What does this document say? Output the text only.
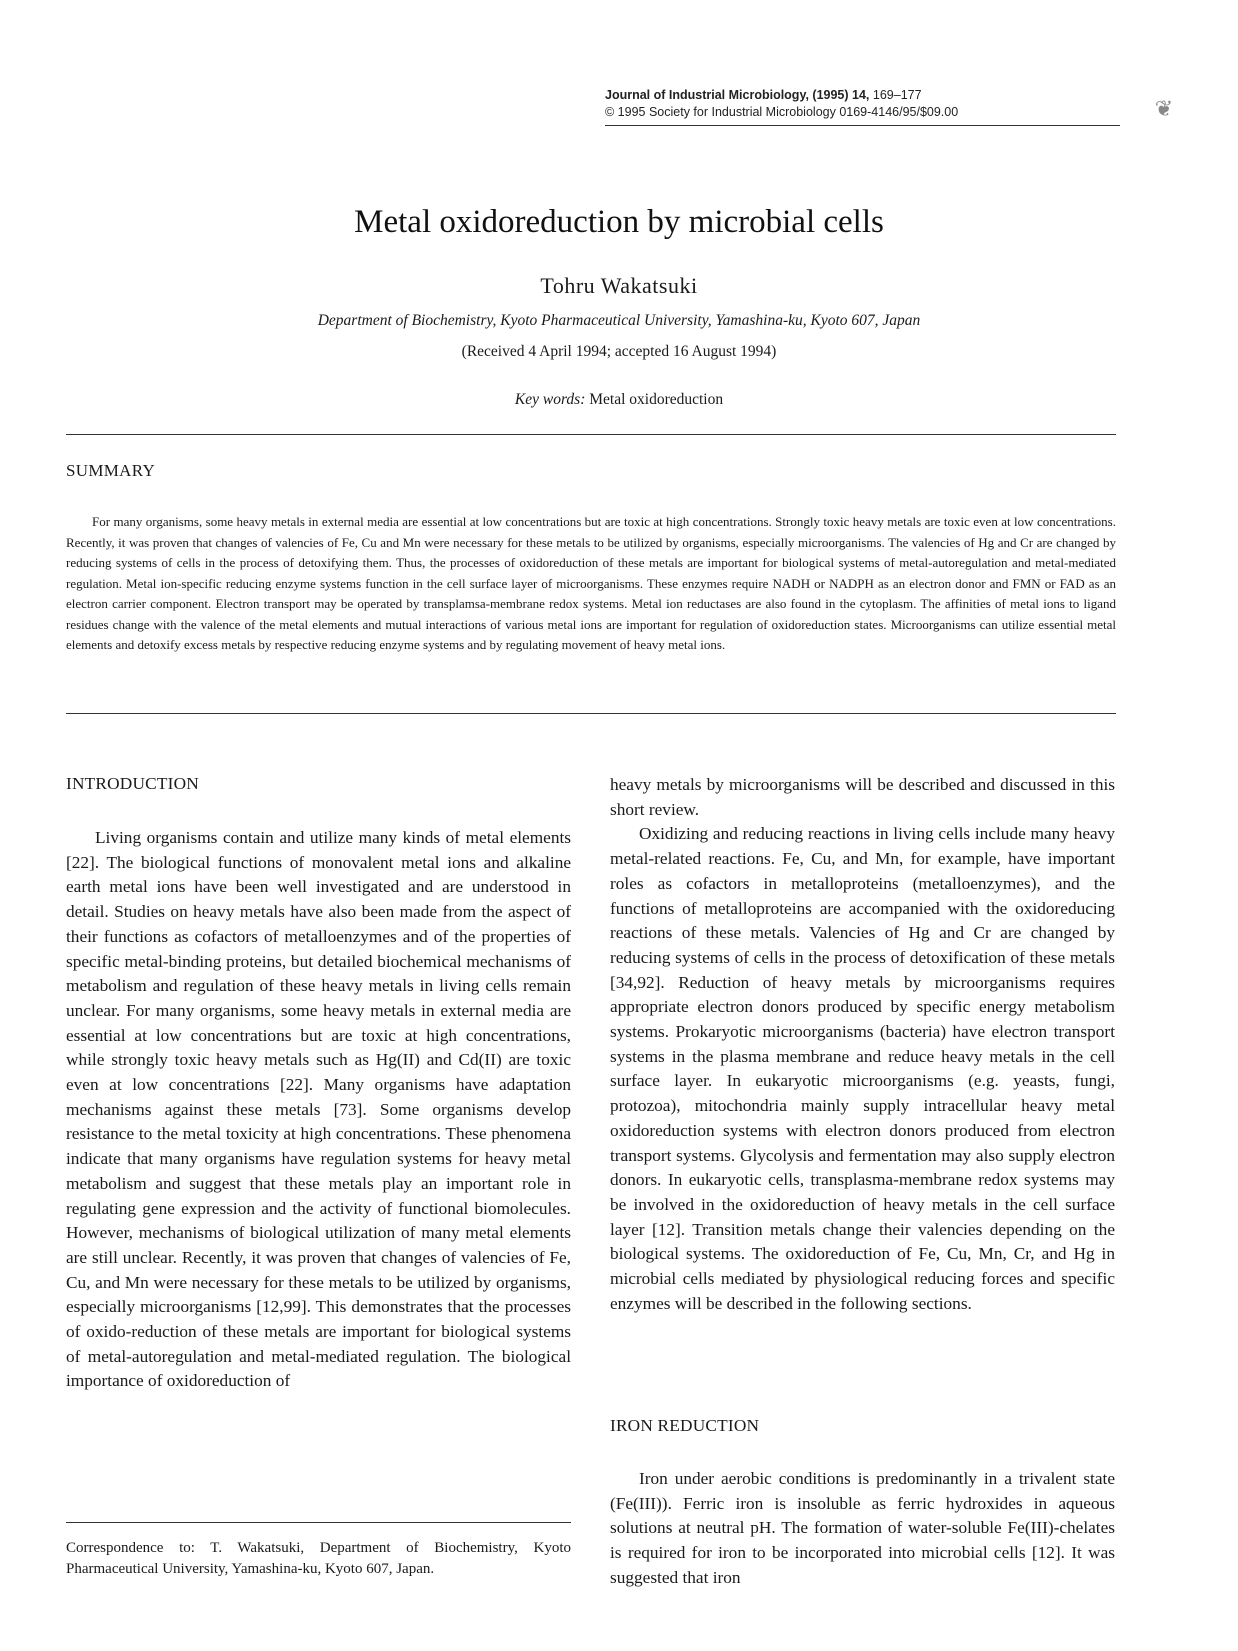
Journal of Industrial Microbiology, (1995) 14, 169–177
© 1995 Society for Industrial Microbiology 0169-4146/95/$09.00	❦
Metal oxidoreduction by microbial cells
Tohru Wakatsuki
Department of Biochemistry, Kyoto Pharmaceutical University, Yamashina-ku, Kyoto 607, Japan
(Received 4 April 1994; accepted 16 August 1994)
Key words: Metal oxidoreduction
SUMMARY
For many organisms, some heavy metals in external media are essential at low concentrations but are toxic at high concentrations. Strongly toxic heavy metals are toxic even at low concentrations. Recently, it was proven that changes of valencies of Fe, Cu and Mn were necessary for these metals to be utilized by organisms, especially microorganisms. The valencies of Hg and Cr are changed by reducing systems of cells in the process of detoxifying them. Thus, the processes of oxidoreduction of these metals are important for biological systems of metal-autoregulation and metal-mediated regulation. Metal ion-specific reducing enzyme systems function in the cell surface layer of microorganisms. These enzymes require NADH or NADPH as an electron donor and FMN or FAD as an electron carrier component. Electron transport may be operated by transplamsa-membrane redox systems. Metal ion reductases are also found in the cytoplasm. The affinities of metal ions to ligand residues change with the valence of the metal elements and mutual interactions of various metal ions are important for regulation of oxidoreduction states. Microorganisms can utilize essential metal elements and detoxify excess metals by respective reducing enzyme systems and by regulating movement of heavy metal ions.
INTRODUCTION

Living organisms contain and utilize many kinds of metal elements [22]. The biological functions of monovalent metal ions and alkaline earth metal ions have been well investigated and are understood in detail. Studies on heavy metals have also been made from the aspect of their functions as cofactors of metalloenzymes and of the properties of specific metal-binding proteins, but detailed biochemical mechanisms of metabolism and regulation of these heavy metals in living cells remain unclear. For many organisms, some heavy metals in external media are essential at low concentrations but are toxic at high concentrations, while strongly toxic heavy metals such as Hg(II) and Cd(II) are toxic even at low concentrations [22]. Many organisms have adaptation mechanisms against these metals [73]. Some organisms develop resistance to the metal toxicity at high concentrations. These phenomena indicate that many organisms have regulation systems for heavy metal metabolism and suggest that these metals play an important role in regulating gene expression and the activity of functional biomolecules. However, mechanisms of biological utilization of many metal elements are still unclear. Recently, it was proven that changes of valencies of Fe, Cu, and Mn were necessary for these metals to be utilized by organisms, especially microorganisms [12,99]. This demonstrates that the processes of oxido-reduction of these metals are important for biological systems of metal-autoregulation and metal-mediated regulation. The biological importance of oxidoreduction of

Correspondence to: T. Wakatsuki, Department of Biochemistry, Kyoto Pharmaceutical University, Yamashina-ku, Kyoto 607, Japan.

heavy metals by microorganisms will be described and discussed in this short review.

Oxidizing and reducing reactions in living cells include many heavy metal-related reactions. Fe, Cu, and Mn, for example, have important roles as cofactors in metalloproteins (metalloenzymes), and the functions of metalloproteins are accompanied with the oxidoreducing reactions of these metals. Valencies of Hg and Cr are changed by reducing systems of cells in the process of detoxification of these metals [34,92]. Reduction of heavy metals by microorganisms requires appropriate electron donors produced by specific energy metabolism systems. Prokaryotic microorganisms (bacteria) have electron transport systems in the plasma membrane and reduce heavy metals in the cell surface layer. In eukaryotic microorganisms (e.g. yeasts, fungi, protozoa), mitochondria mainly supply intracellular heavy metal oxidoreduction systems with electron donors produced from electron transport systems. Glycolysis and fermentation may also supply electron donors. In eukaryotic cells, transplasma-membrane redox systems may be involved in the oxidoreduction of heavy metals in the cell surface layer [12]. Transition metals change their valencies depending on the biological systems. The oxidoreduction of Fe, Cu, Mn, Cr, and Hg in microbial cells mediated by physiological reducing forces and specific enzymes will be described in the following sections.

IRON REDUCTION

Iron under aerobic conditions is predominantly in a trivalent state (Fe(III)). Ferric iron is insoluble as ferric hydroxides in aqueous solutions at neutral pH. The formation of water-soluble Fe(III)-chelates is required for iron to be incorporated into microbial cells [12]. It was suggested that iron
